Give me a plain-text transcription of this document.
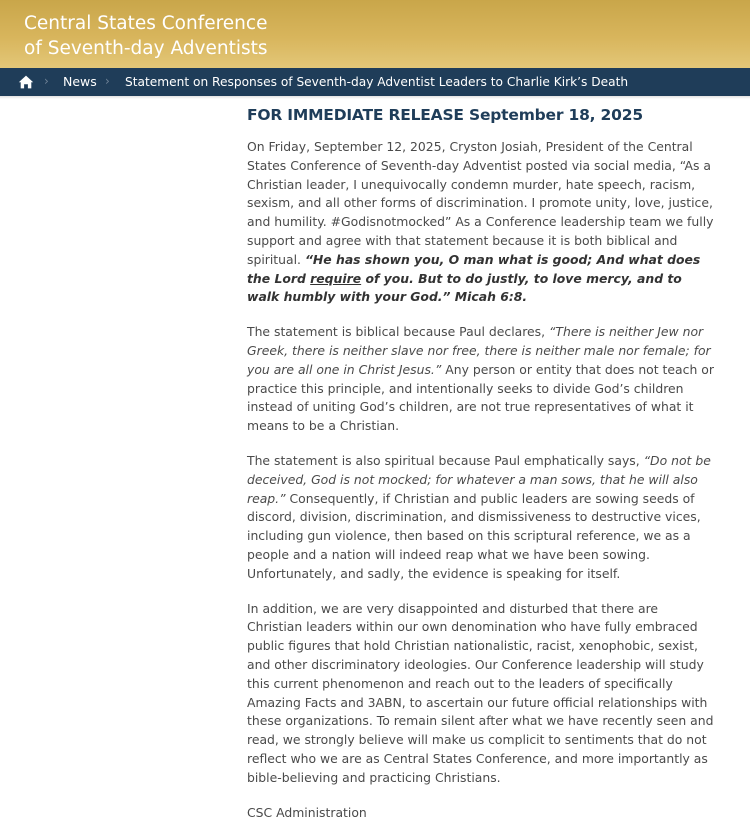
Central States Conference
of Seventh-day Adventists
› News › Statement on Responses of Seventh-day Adventist Leaders to Charlie Kirk’s Death
FOR IMMEDIATE RELEASE September 18, 2025

On Friday, September 12, 2025, Cryston Josiah, President of the Central States Conference of Seventh-day Adventist posted via social media, “As a Christian leader, I unequivocally condemn murder, hate speech, racism, sexism, and all other forms of discrimination. I promote unity, love, justice, and humility. #Godisnotmocked” As a Conference leadership team we fully support and agree with that statement because it is both biblical and spiritual. “He has shown you, O man what is good; And what does the Lord require of you. But to do justly, to love mercy, and to walk humbly with your God.” Micah 6:8.

The statement is biblical because Paul declares, “There is neither Jew nor Greek, there is neither slave nor free, there is neither male nor female; for you are all one in Christ Jesus.” Any person or entity that does not teach or practice this principle, and intentionally seeks to divide God’s children instead of uniting God’s children, are not true representatives of what it means to be a Christian.

The statement is also spiritual because Paul emphatically says, “Do not be deceived, God is not mocked; for whatever a man sows, that he will also reap.” Consequently, if Christian and public leaders are sowing seeds of discord, division, discrimination, and dismissiveness to destructive vices, including gun violence, then based on this scriptural reference, we as a people and a nation will indeed reap what we have been sowing. Unfortunately, and sadly, the evidence is speaking for itself.

In addition, we are very disappointed and disturbed that there are Christian leaders within our own denomination who have fully embraced public figures that hold Christian nationalistic, racist, xenophobic, sexist, and other discriminatory ideologies. Our Conference leadership will study this current phenomenon and reach out to the leaders of specifically Amazing Facts and 3ABN, to ascertain our future official relationships with these organizations. To remain silent after what we have recently seen and read, we strongly believe will make us complicit to sentiments that do not reflect who we are as Central States Conference, and more importantly as bible-believing and practicing Christians.

CSC Administration
